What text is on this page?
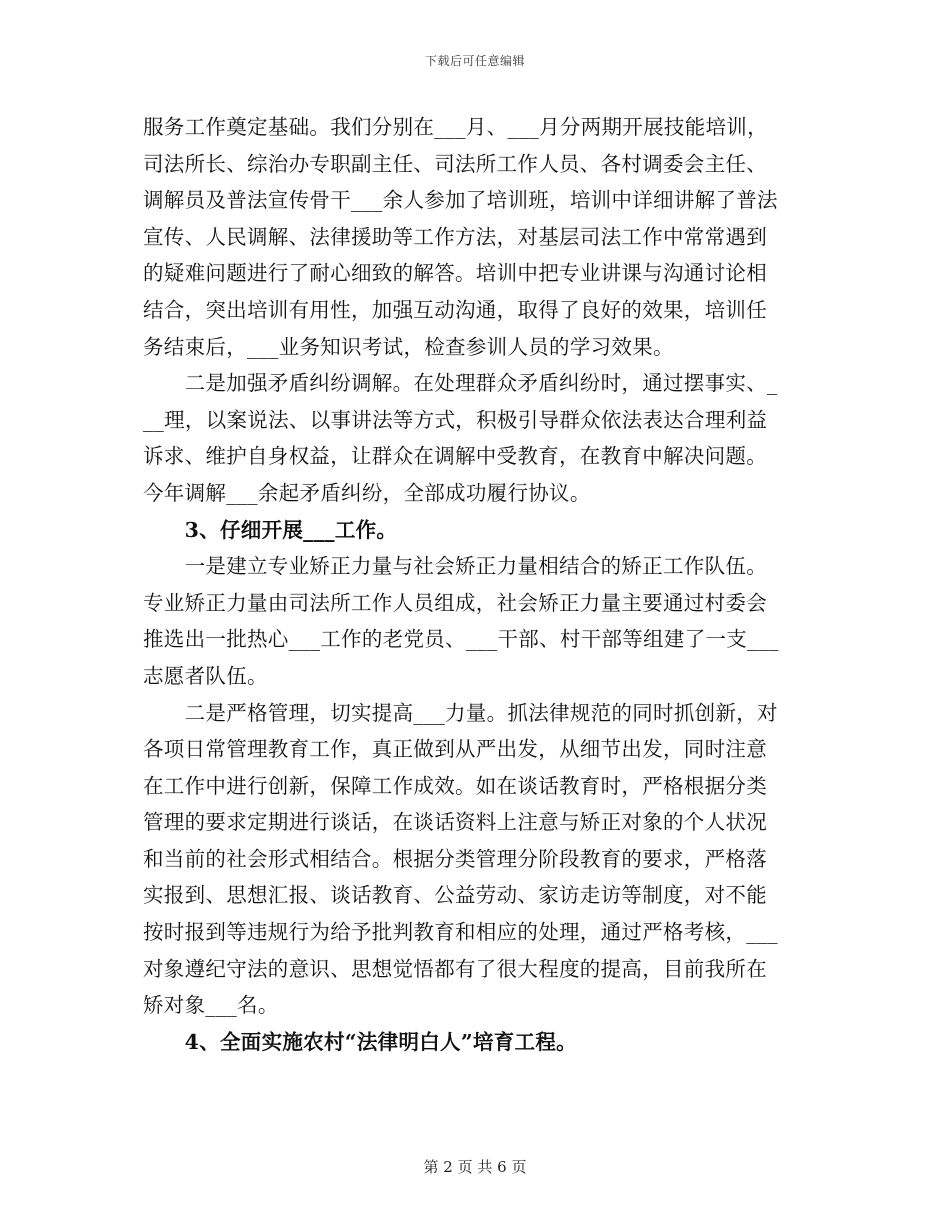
下载后可任意编辑
服务工作奠定基础。我们分别在___月、___月分两期开展技能培训，
司法所长、综治办专职副主任、司法所工作人员、各村调委会主任、
调解员及普法宣传骨干___余人参加了培训班，培训中详细讲解了普法
宣传、人民调解、法律援助等工作方法，对基层司法工作中常常遇到
的疑难问题进行了耐心细致的解答。培训中把专业讲课与沟通讨论相
结合，突出培训有用性，加强互动沟通，取得了良好的效果，培训任
务结束后，___业务知识考试，检查参训人员的学习效果。
　　二是加强矛盾纠纷调解。在处理群众矛盾纠纷时，通过摆事实、_
__理，以案说法、以事讲法等方式，积极引导群众依法表达合理利益
诉求、维护自身权益，让群众在调解中受教育，在教育中解决问题。
今年调解___余起矛盾纠纷，全部成功履行协议。
　　3、仔细开展___工作。
　　一是建立专业矫正力量与社会矫正力量相结合的矫正工作队伍。
专业矫正力量由司法所工作人员组成，社会矫正力量主要通过村委会
推选出一批热心___工作的老党员、___干部、村干部等组建了一支___
志愿者队伍。
　　二是严格管理，切实提高___力量。抓法律规范的同时抓创新，对
各项日常管理教育工作，真正做到从严出发，从细节出发，同时注意
在工作中进行创新，保障工作成效。如在谈话教育时，严格根据分类
管理的要求定期进行谈话，在谈话资料上注意与矫正对象的个人状况
和当前的社会形式相结合。根据分类管理分阶段教育的要求，严格落
实报到、思想汇报、谈话教育、公益劳动、家访走访等制度，对不能
按时报到等违规行为给予批判教育和相应的处理，通过严格考核，___
对象遵纪守法的意识、思想觉悟都有了很大程度的提高，目前我所在
矫对象___名。
　　4、全面实施农村“法律明白人”培育工程。
第 2 页 共 6 页
